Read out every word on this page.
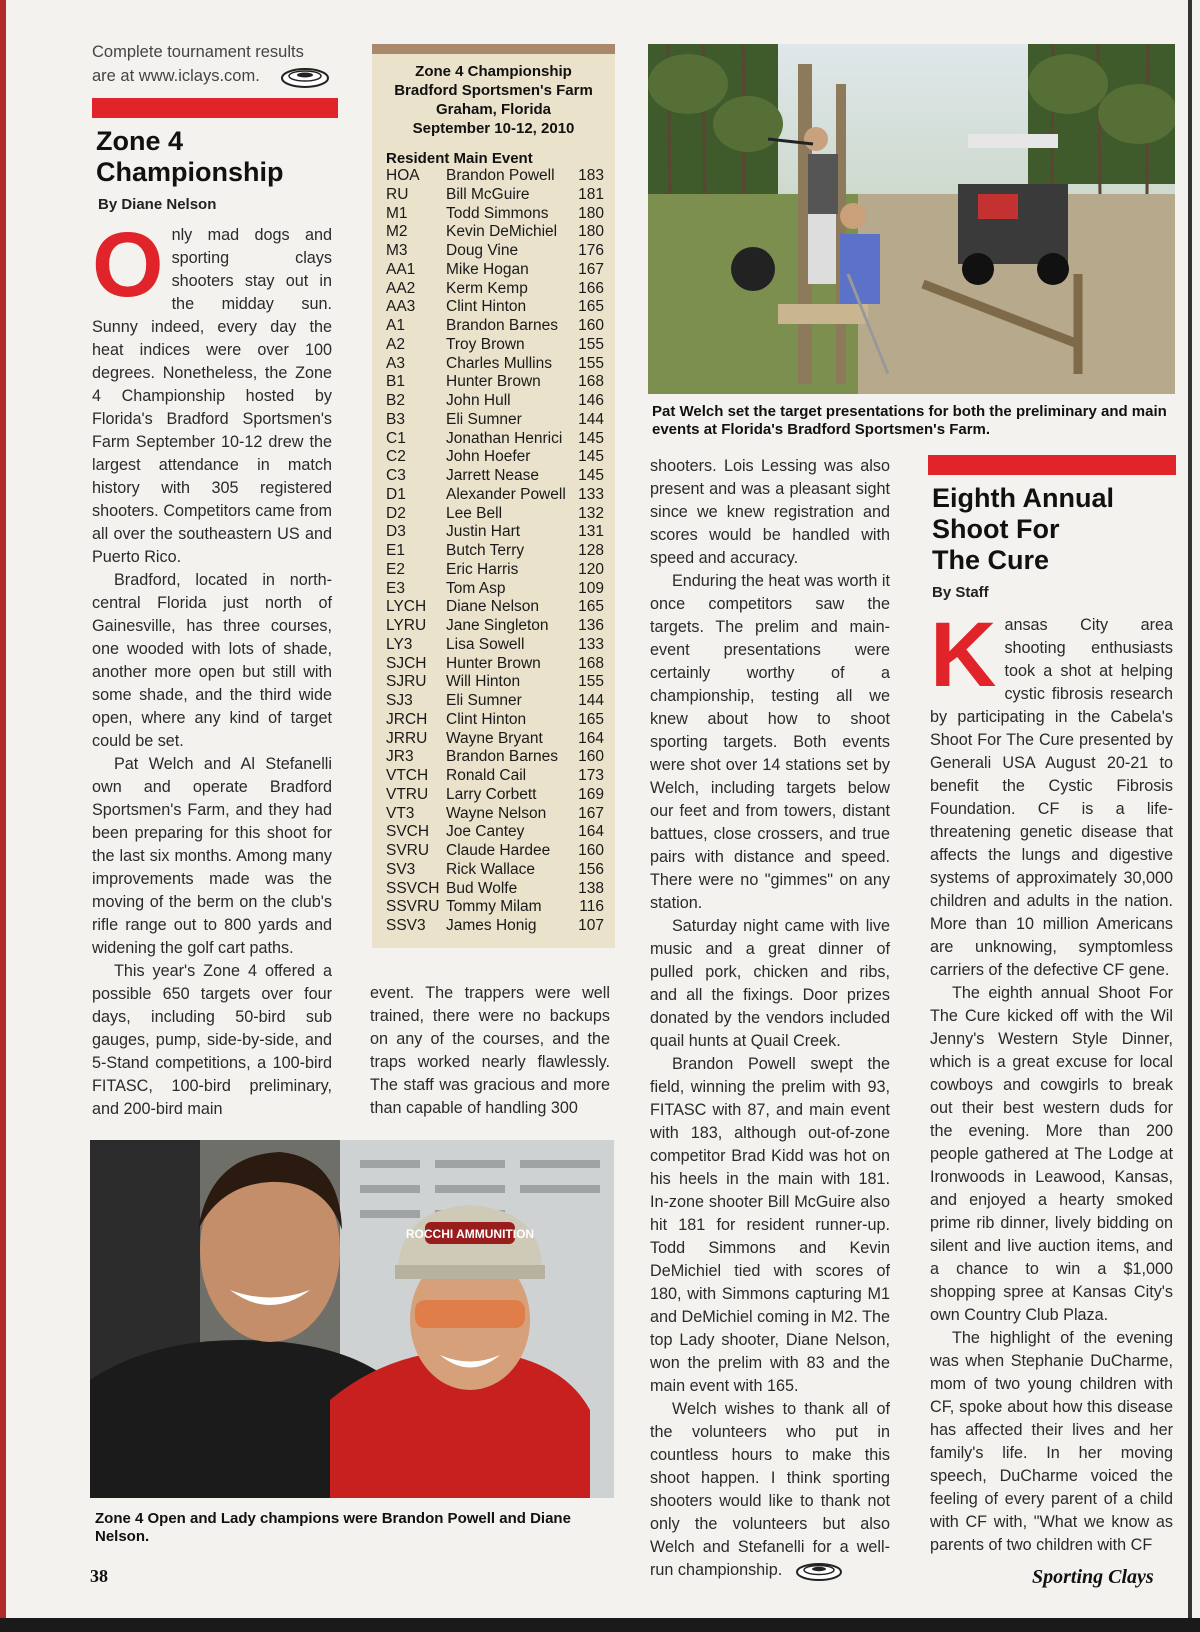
Complete tournament results are at www.iclays.com.
Zone 4 Championship
By Diane Nelson

Only mad dogs and sporting clays shooters stay out in the midday sun. Sunny indeed, every day the heat indices were over 100 degrees. Nonetheless, the Zone 4 Championship hosted by Florida's Bradford Sportsmen's Farm September 10-12 drew the largest attendance in match history with 305 registered shooters. Competitors came from all over the southeastern US and Puerto Rico.

Bradford, located in north-central Florida just north of Gainesville, has three courses, one wooded with lots of shade, another more open but still with some shade, and the third wide open, where any kind of target could be set.

Pat Welch and Al Stefanelli own and operate Bradford Sportsmen's Farm, and they had been preparing for this shoot for the last six months. Among many improvements made was the moving of the berm on the club's rifle range out to 800 yards and widening the golf cart paths.

This year's Zone 4 offered a possible 650 targets over four days, including 50-bird sub gauges, pump, side-by-side, and 5-Stand competitions, a 100-bird FITASC, 100-bird preliminary, and 200-bird main

Zone 4 Championship
Bradford Sportsmen's Farm
Graham, Florida
September 10-12, 2010
Resident Main Event
HOA	Brandon Powell	183
RU	Bill McGuire	181
M1	Todd Simmons	180
M2	Kevin DeMichiel	180
M3	Doug Vine	176
AA1	Mike Hogan	167
AA2	Kerm Kemp	166
AA3	Clint Hinton	165
A1	Brandon Barnes	160
A2	Troy Brown	155
A3	Charles Mullins	155
B1	Hunter Brown	168
B2	John Hull	146
B3	Eli Sumner	144
C1	Jonathan Henrici	145
C2	John Hoefer	145
C3	Jarrett Nease	145
D1	Alexander Powell	133
D2	Lee Bell	132
D3	Justin Hart	131
E1	Butch Terry	128
E2	Eric Harris	120
E3	Tom Asp	109
LYCH	Diane Nelson	165
LYRU	Jane Singleton	136
LY3	Lisa Sowell	133
SJCH	Hunter Brown	168
SJRU	Will Hinton	155
SJ3	Eli Sumner	144
JRCH	Clint Hinton	165
JRRU	Wayne Bryant	164
JR3	Brandon Barnes	160
VTCH	Ronald Cail	173
VTRU	Larry Corbett	169
VT3	Wayne Nelson	167
SVCH	Joe Cantey	164
SVRU	Claude Hardee	160
SV3	Rick Wallace	156
SSVCH	Bud Wolfe	138
SSVRU	Tommy Milam	116
SSV3	James Honig	107

event. The trappers were well trained, there were no backups on any of the courses, and the traps worked nearly flawlessly. The staff was gracious and more than capable of handling 300

Pat Welch set the target presentations for both the preliminary and main events at Florida's Bradford Sportsmen's Farm.

shooters. Lois Lessing was also present and was a pleasant sight since we knew registration and scores would be handled with speed and accuracy.

Enduring the heat was worth it once competitors saw the targets. The prelim and main-event presentations were certainly worthy of a championship, testing all we knew about how to shoot sporting targets. Both events were shot over 14 stations set by Welch, including targets below our feet and from towers, distant battues, close crossers, and true pairs with distance and speed. There were no "gimmes" on any station.

Saturday night came with live music and a great dinner of pulled pork, chicken and ribs, and all the fixings. Door prizes donated by the vendors included quail hunts at Quail Creek.

Brandon Powell swept the field, winning the prelim with 93, FITASC with 87, and main event with 183, although out-of-zone competitor Brad Kidd was hot on his heels in the main with 181. In-zone shooter Bill McGuire also hit 181 for resident runner-up. Todd Simmons and Kevin DeMichiel tied with scores of 180, with Simmons capturing M1 and DeMichiel coming in M2. The top Lady shooter, Diane Nelson, won the prelim with 83 and the main event with 165.

Welch wishes to thank all of the volunteers who put in countless hours to make this shoot happen. I think sporting shooters would like to thank not only the volunteers but also Welch and Stefanelli for a well-run championship.

ROCCHI AMMUNITION
Zone 4 Open and Lady champions were Brandon Powell and Diane Nelson.
Eighth Annual
Shoot For
The Cure
By Staff

Kansas City area shooting enthusiasts took a shot at helping cystic fibrosis research by participating in the Cabela's Shoot For The Cure presented by Generali USA August 20-21 to benefit the Cystic Fibrosis Foundation. CF is a life-threatening genetic disease that affects the lungs and digestive systems of approximately 30,000 children and adults in the nation. More than 10 million Americans are unknowing, symptomless carriers of the defective CF gene.

The eighth annual Shoot For The Cure kicked off with the Wil Jenny's Western Style Dinner, which is a great excuse for local cowboys and cowgirls to break out their best western duds for the evening. More than 200 people gathered at The Lodge at Ironwoods in Leawood, Kansas, and enjoyed a hearty smoked prime rib dinner, lively bidding on silent and live auction items, and a chance to win a $1,000 shopping spree at Kansas City's own Country Club Plaza.

The highlight of the evening was when Stephanie DuCharme, mom of two young children with CF, spoke about how this disease has affected their lives and her family's life. In her moving speech, DuCharme voiced the feeling of every parent of a child with CF with, "What we know as parents of two children with CF

38	Sporting Clays
